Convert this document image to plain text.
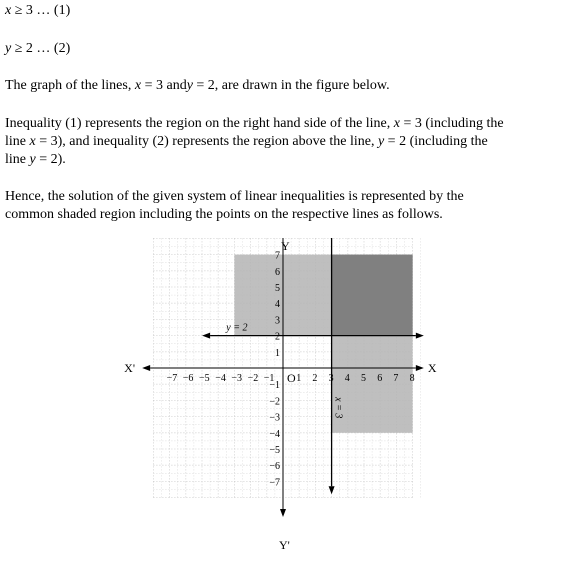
x ≥ 3 … (1)

y ≥ 2 … (2)

The graph of the lines, x = 3 andy = 2, are drawn in the figure below.

Inequality (1) represents the region on the right hand side of the line, x = 3 (including the
line x = 3), and inequality (2) represents the region above the line, y = 2 (including the
line y = 2).
Hence, the solution of the given system of linear inequalities is represented by the
common shaded region including the points on the respective lines as follows.
−7 −6 −5 −4 −3 −2 −1 1 2 3 4 5 6 7 8
7
6
5
4
3
2
1
−1
−2
−3
−4
−5
−6
−7
Y
Y'
X
X'
O
y = 2
x = 3
